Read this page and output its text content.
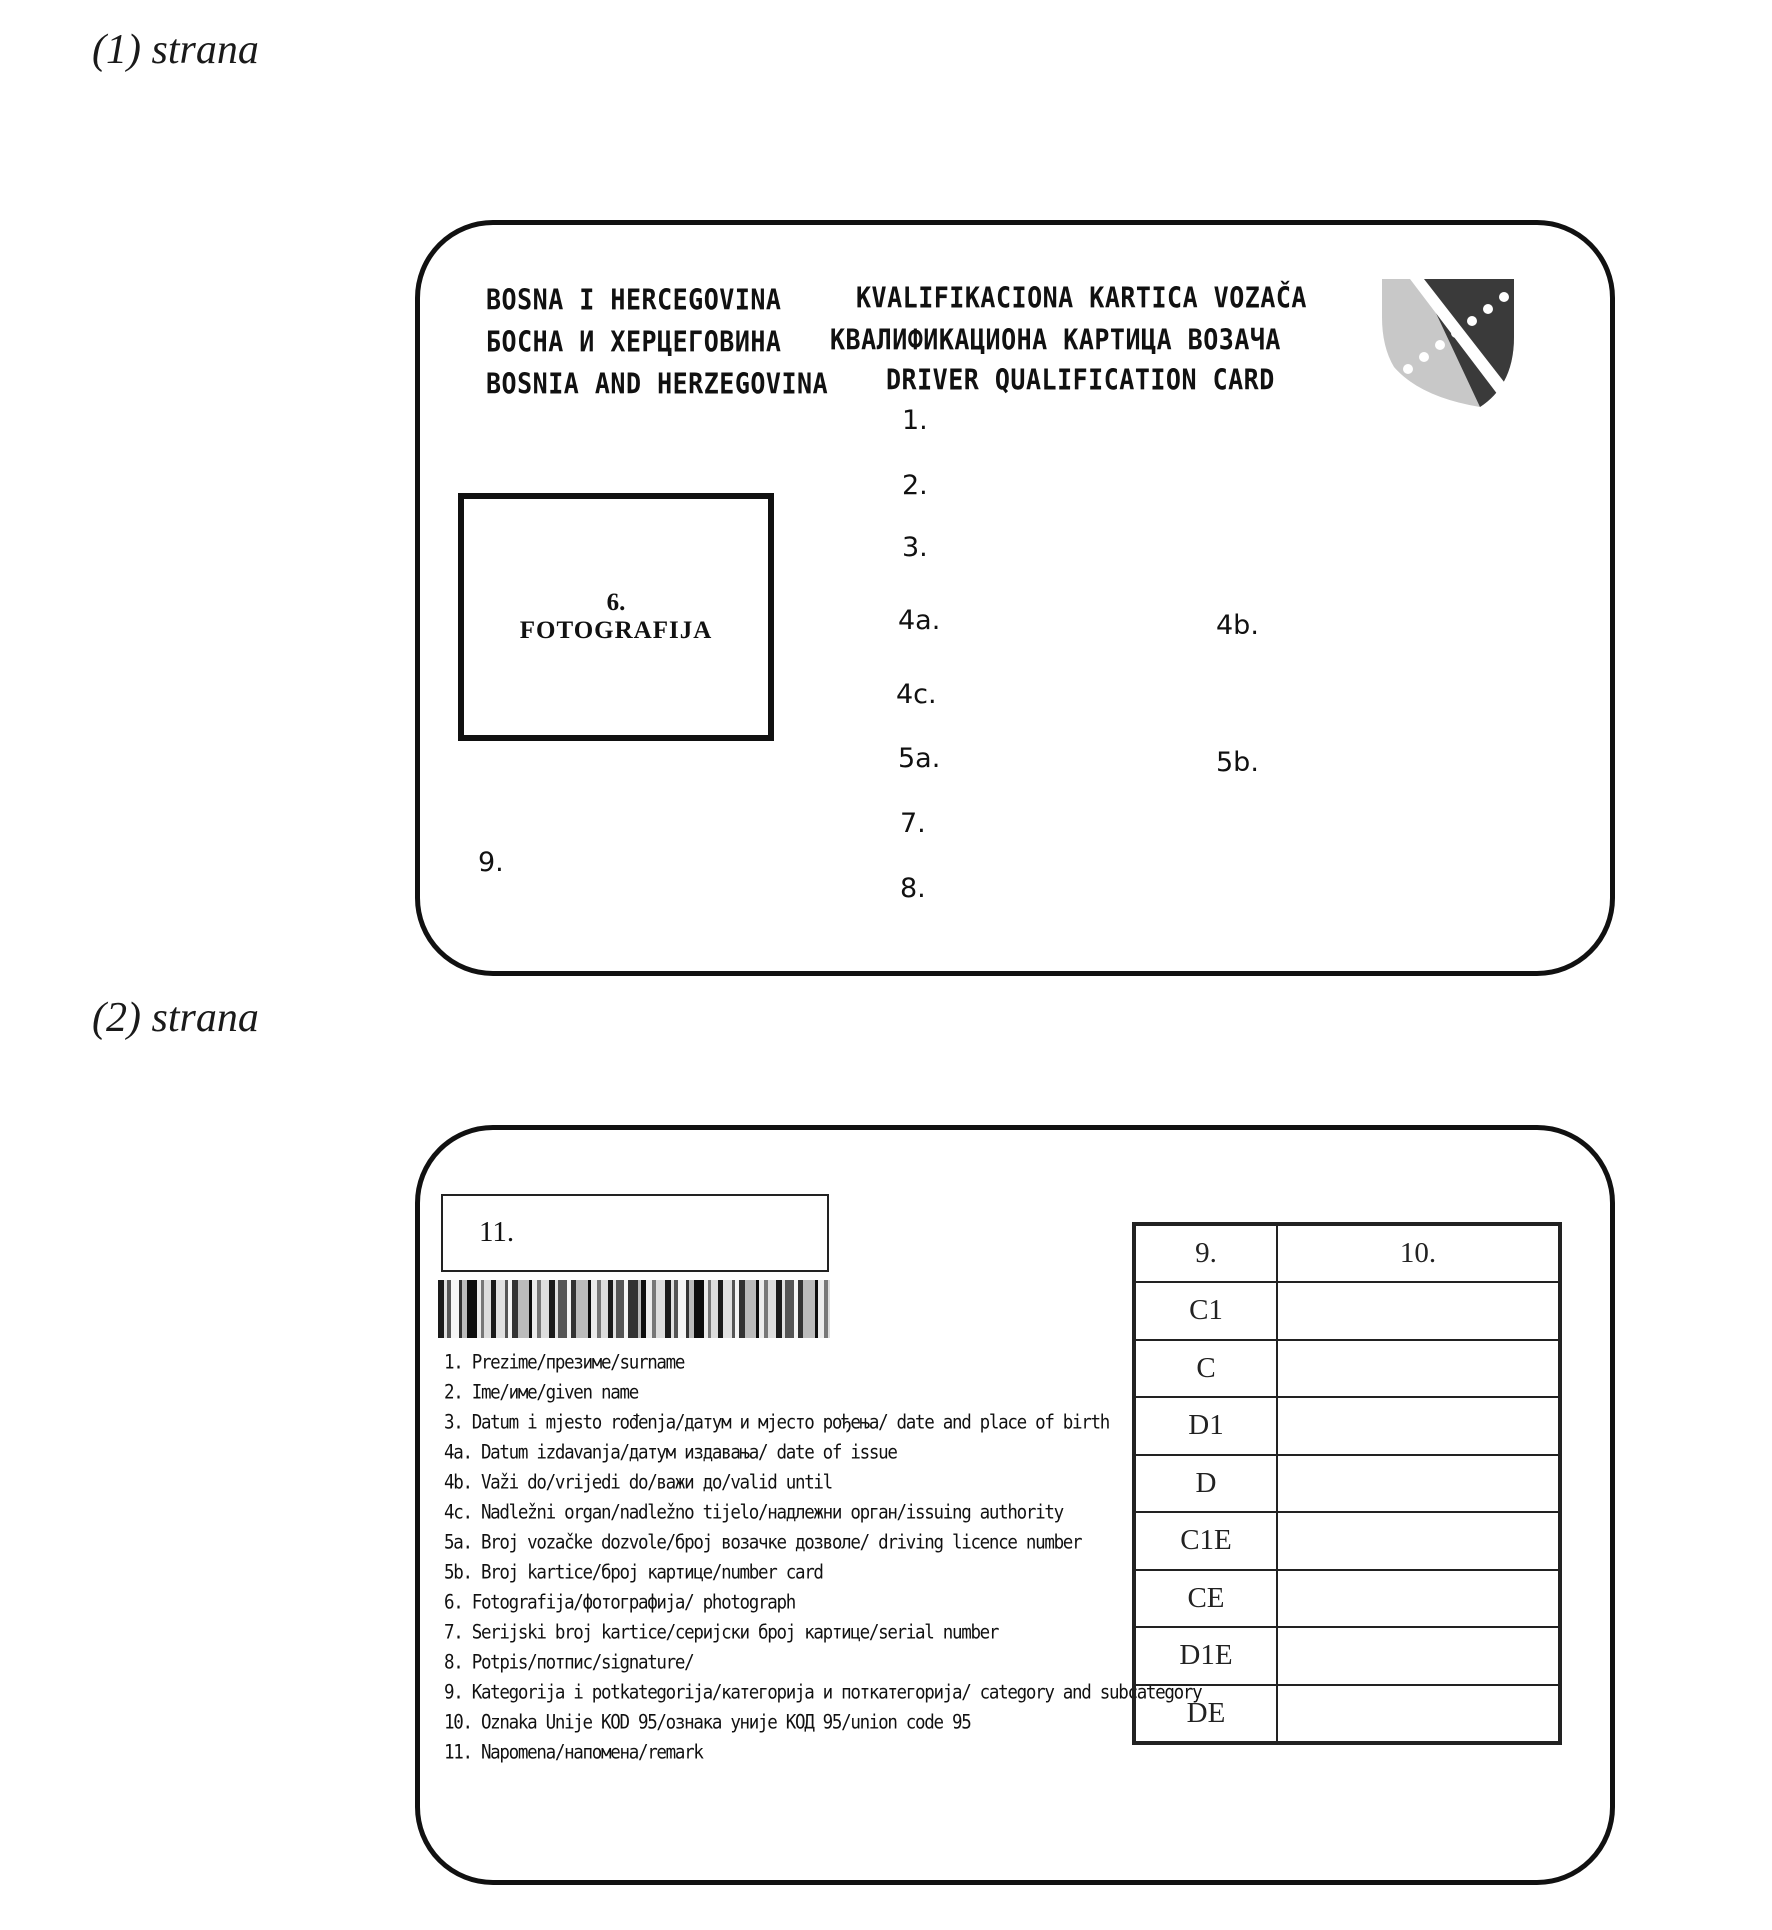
(1) strana
BOSNA I HERCEGOVINA
БОСНА И ХЕРЦЕГОВИНА
BOSNIA AND HERZEGOVINA
KVALIFIKACIONA KARTICA VOZAČA
КВАЛИФИКАЦИОНА КАРТИЦА ВОЗАЧА
DRIVER QUALIFICATION CARD
6.
FOTOGRAFIJA
1.
2.
3.
4a.	4b.
4c.
5a.	5b.
7.
8.
9.
(2) strana
11.
1. Prezime/презиме/surname
2. Ime/име/given name
3. Datum i mjesto rođenja/датум и мјесто рођења/ date and place of birth
4a. Datum izdavanja/датум издавања/ date of issue
4b. Važi do/vrijedi do/важи до/valid until
4c. Nadležni organ/nadležno tijelo/надлежни орган/issuing authority
5a. Broj vozačke dozvole/број возачке дозволе/ driving licence number
5b. Broj kartice/број картице/number card
6. Fotografija/фотографија/ photograph
7. Serijski broj kartice/серијски број картице/serial number
8. Potpis/потпис/signature/
9. Kategorija i potkategorija/категорија и поткатегорија/ category and subcategory
10. Oznaka Unije KOD 95/ознака уније КОД 95/union code 95
11. Napomena/напомена/remark
9.	10.
C1	
C	
D1	
D	
C1E	
CE	
D1E	
DE	
